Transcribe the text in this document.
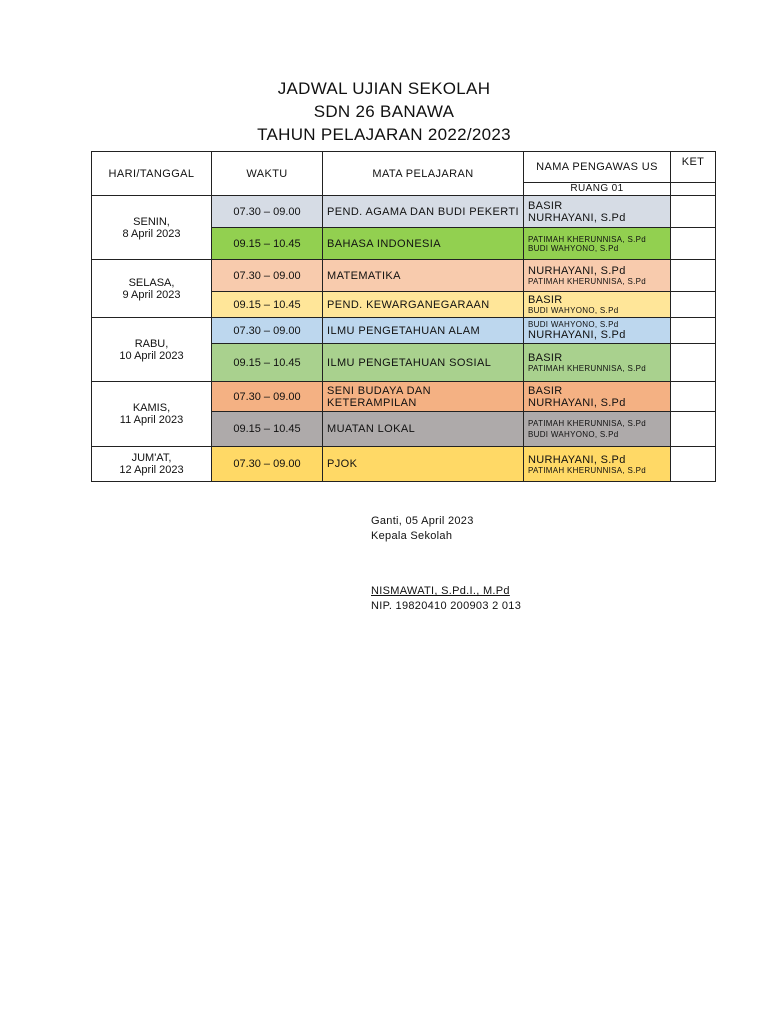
JADWAL UJIAN SEKOLAH
SDN 26 BANAWA
TAHUN PELAJARAN 2022/2023
HARI/TANGGAL	WAKTU	MATA PELAJARAN	NAMA PENGAWAS US	KET
			RUANG 01	
SENIN,
8 April 2023	07.30 – 09.00	PEND. AGAMA DAN BUDI PEKERTI	BASIR
NURHAYANI, S.Pd	

	09.15 – 10.45	BAHASA INDONESIA	PATIMAH KHERUNNISA, S.Pd
BUDI WAHYONO, S.Pd	

SELASA,
9 April 2023	07.30 – 09.00	MATEMATIKA	NURHAYANI, S.Pd
PATIMAH KHERUNNISA, S.Pd	

	09.15 – 10.45	PEND. KEWARGANEGARAAN	BASIR
BUDI WAHYONO, S.Pd	

RABU,
10 April 2023	07.30 – 09.00	ILMU PENGETAHUAN ALAM	BUDI WAHYONO, S.Pd
NURHAYANI, S.Pd	

	09.15 – 10.45	ILMU PENGETAHUAN SOSIAL	BASIR
PATIMAH KHERUNNISA, S.Pd	

KAMIS,
11 April 2023	07.30 – 09.00	SENI BUDAYA DAN KETERAMPILAN	BASIR
NURHAYANI, S.Pd	

	09.15 – 10.45	MUATAN LOKAL	PATIMAH KHERUNNISA, S.Pd
BUDI WAHYONO, S.Pd	

JUM'AT,
12 April 2023	07.30 – 09.00	PJOK	NURHAYANI, S.Pd
PATIMAH KHERUNNISA, S.Pd	

Ganti, 05 April 2023
Kepala Sekolah
NISMAWATI, S.Pd.I., M.Pd
NIP. 19820410 200903 2 013
